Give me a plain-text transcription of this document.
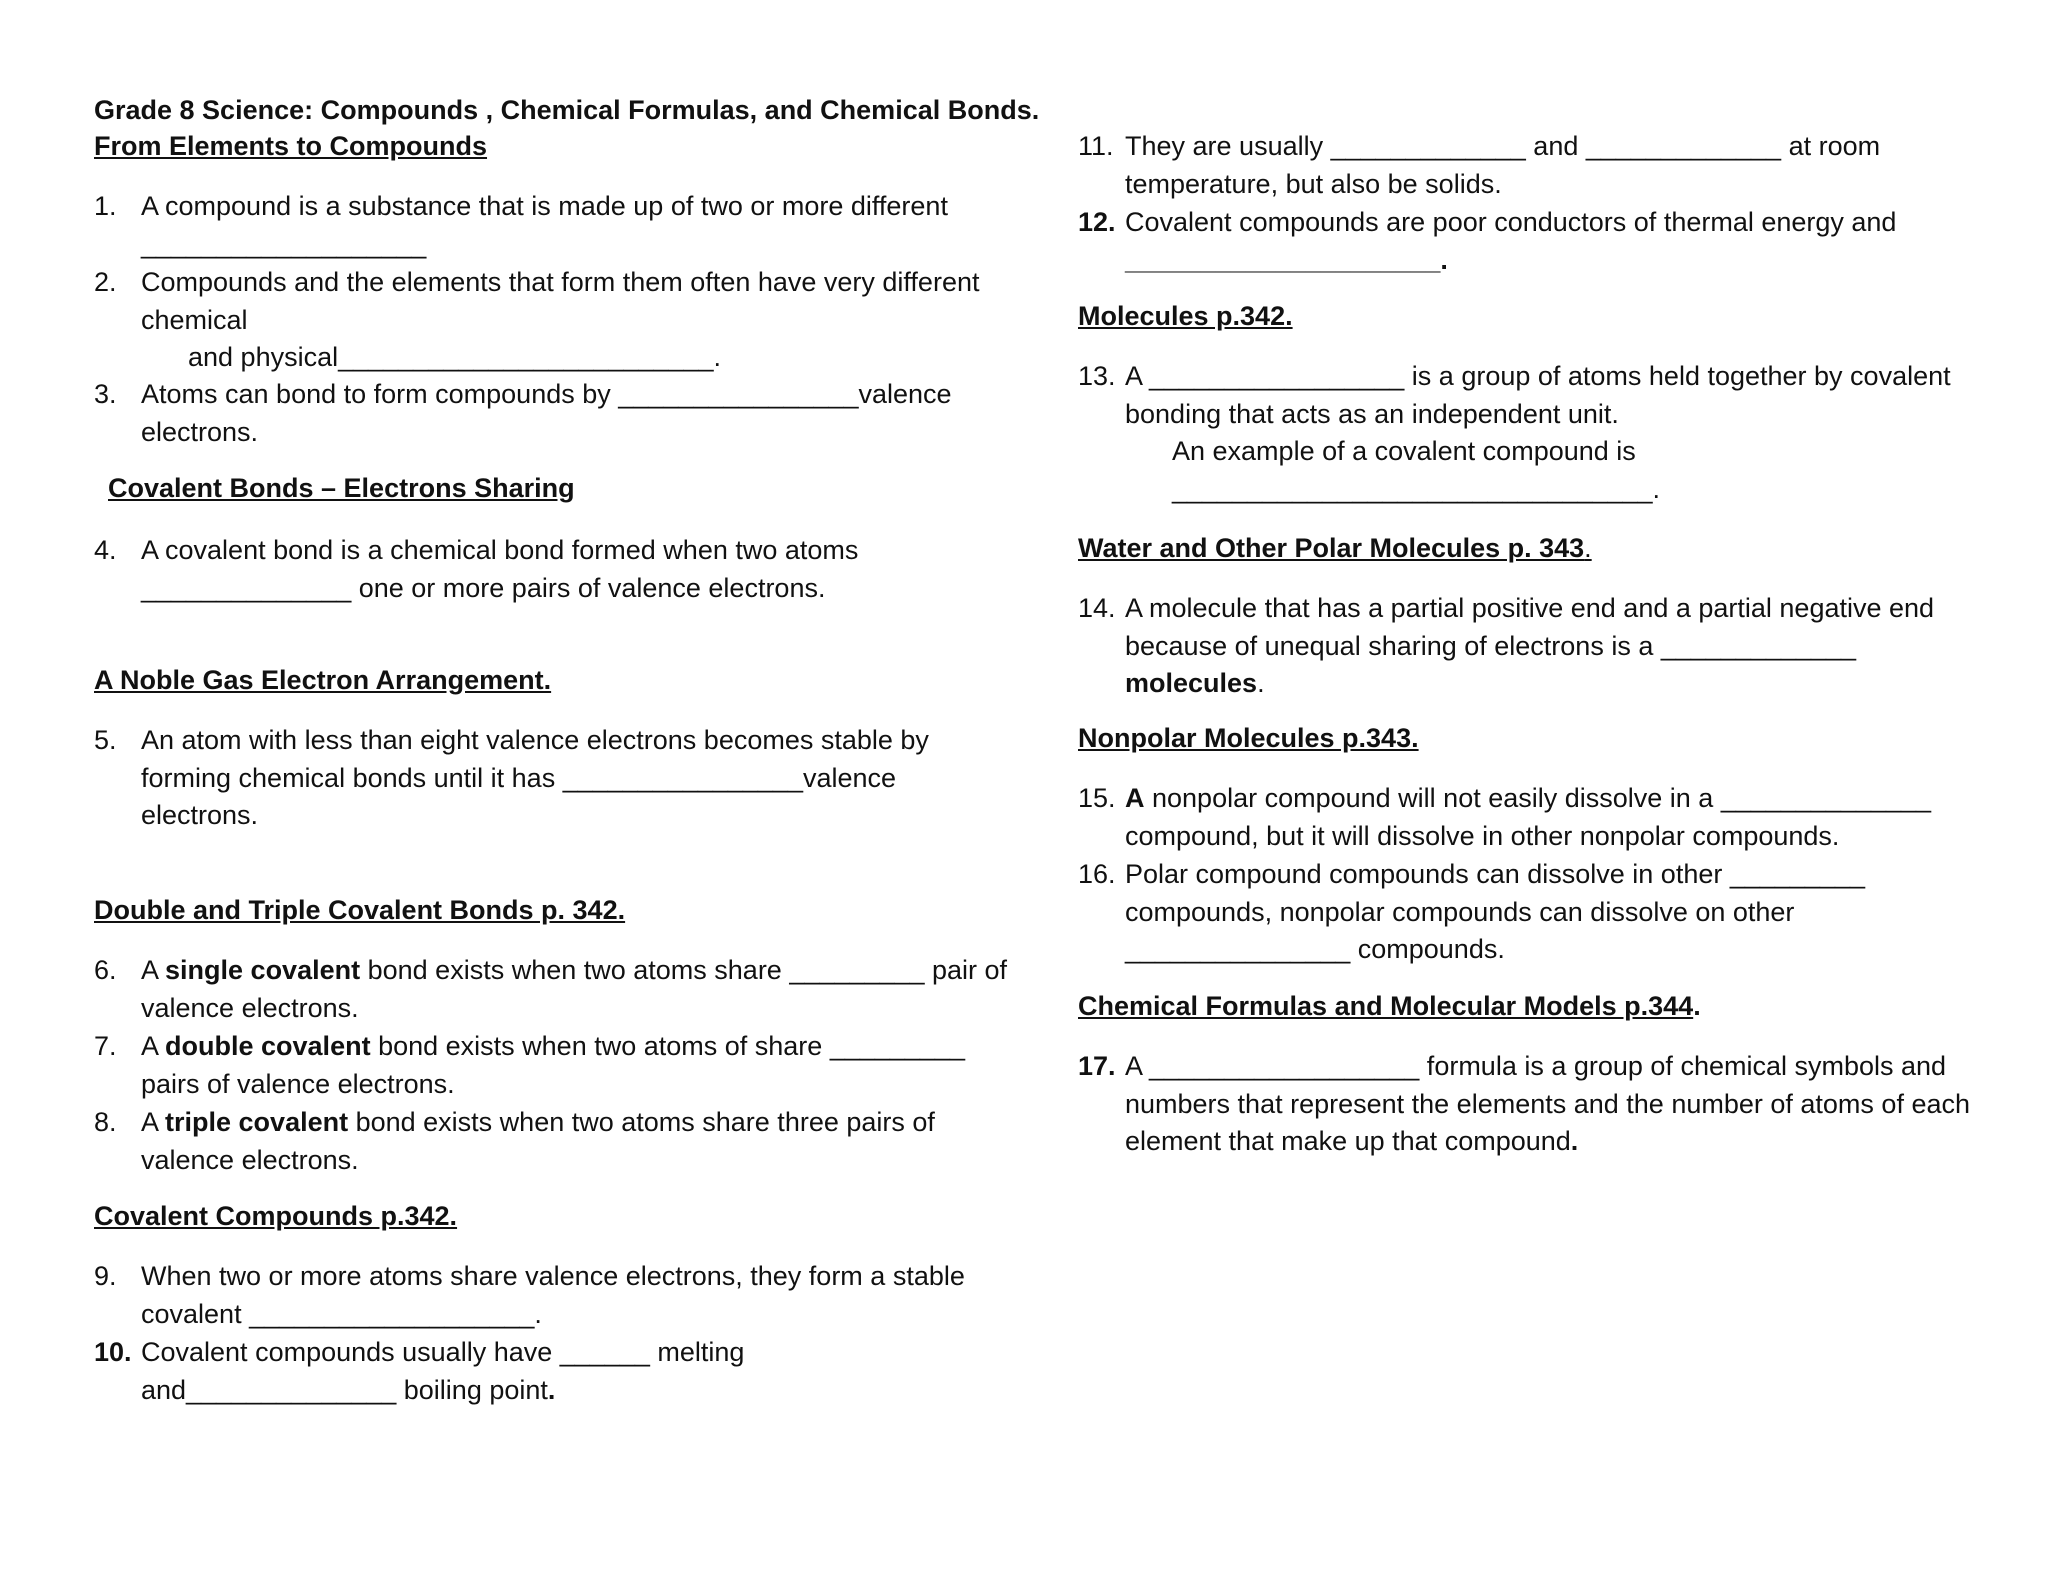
Grade 8 Science: Compounds , Chemical Formulas, and Chemical Bonds.
From Elements to Compounds
1. A compound is a substance that is made up of two or more different
___________________
2. Compounds and the elements that form them often have very different
chemical
and physical_________________________.
3. Atoms can bond to form compounds by ________________valence
electrons.
Covalent Bonds – Electrons Sharing
4. A covalent bond is a chemical bond formed when two atoms
______________ one or more pairs of valence electrons.
A Noble Gas Electron Arrangement.
5. An atom with less than eight valence electrons becomes stable by
forming chemical bonds until it has ________________valence
electrons.
Double and Triple Covalent Bonds p. 342.
6. A single covalent bond exists when two atoms share _________ pair of
valence electrons.
7. A double covalent bond exists when two atoms of share _________
pairs of valence electrons.
8. A triple covalent bond exists when two atoms share three pairs of
valence electrons.
Covalent Compounds p.342.
9. When two or more atoms share valence electrons, they form a stable
covalent ___________________.
10. Covalent compounds usually have ______ melting
and______________ boiling point.
11. They are usually _____________ and _____________ at room
temperature, but also be solids.
12. Covalent compounds are poor conductors of thermal energy and
_____________________.
Molecules p.342.
13. A _________________ is a group of atoms held together by covalent
bonding that acts as an independent unit.
An example of a covalent compound is
________________________________.
Water and Other Polar Molecules p. 343.
14. A molecule that has a partial positive end and a partial negative end
because of unequal sharing of electrons is a _____________
molecules.
Nonpolar Molecules p.343.
15. A nonpolar compound will not easily dissolve in a ______________
compound, but it will dissolve in other nonpolar compounds.
16. Polar compound compounds can dissolve in other _________
compounds, nonpolar compounds can dissolve on other
_______________ compounds.
Chemical Formulas and Molecular Models p.344.
17. A __________________ formula is a group of chemical symbols and
numbers that represent the elements and the number of atoms of each
element that make up that compound.
